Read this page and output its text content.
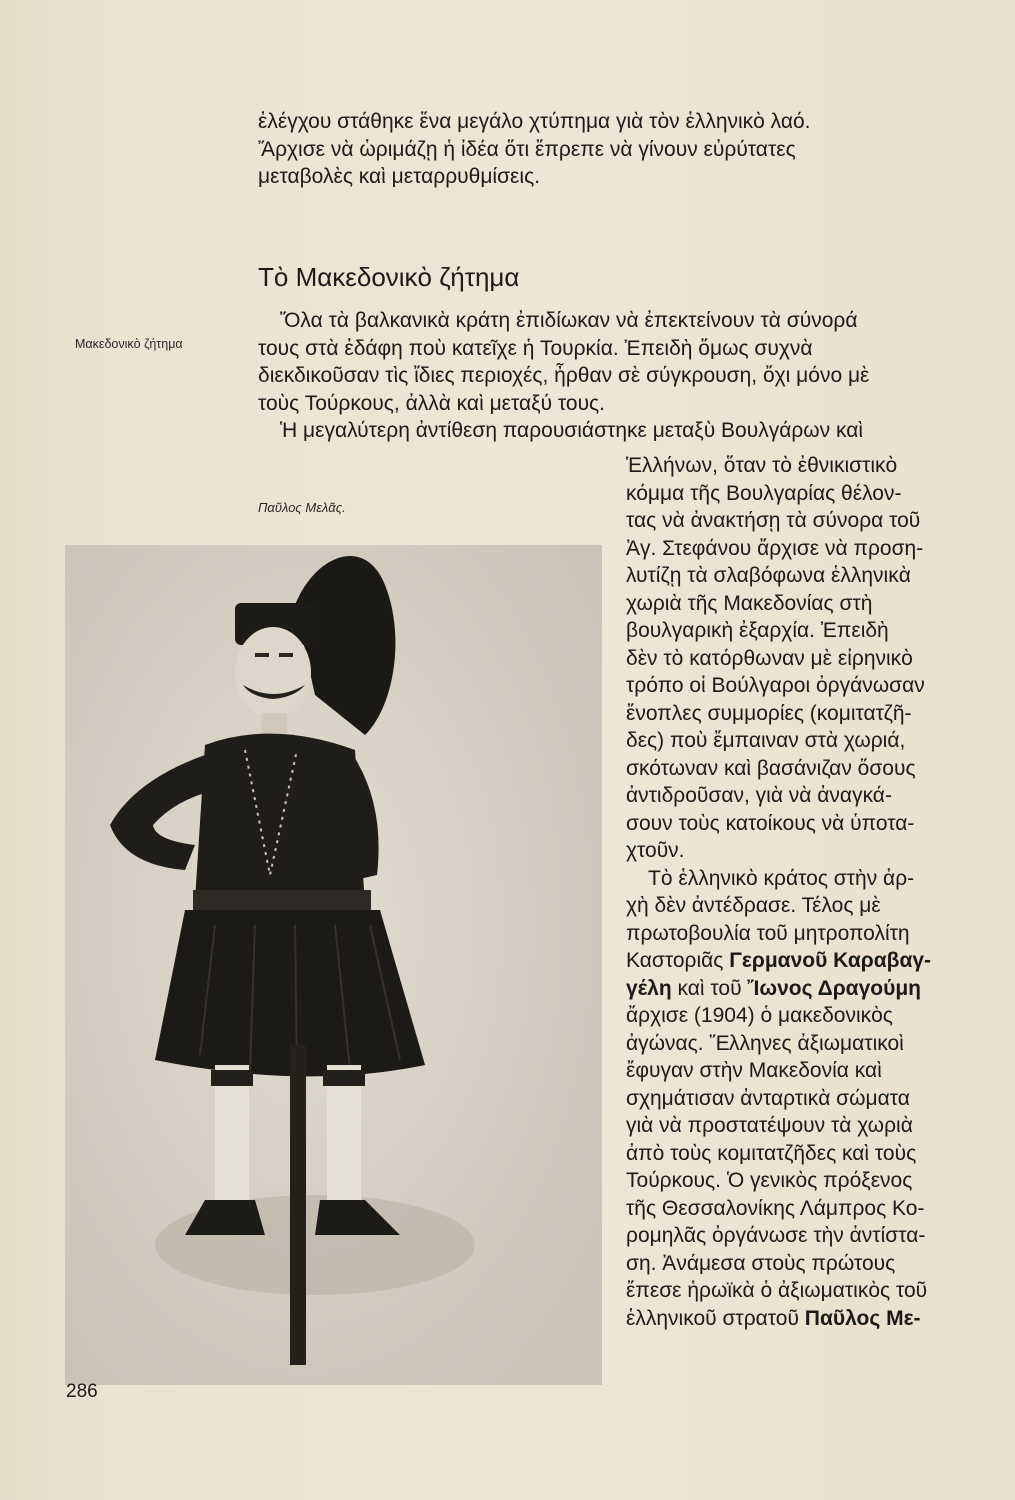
·········
ἐλέγχου στάθηκε ἕνα μεγάλο χτύπημα γιὰ τὸν ἑλληνικὸ λαό.
Ἄρχισε νὰ ὡριμάζῃ ἡ ἰδέα ὅτι ἔπρεπε νὰ γίνουν εὐρύτατες
μεταβολὲς καὶ μεταρρυθμίσεις.
Τὸ Μακεδονικὸ ζήτημα
Μακεδονικὸ ζήτημα
Ὅλα τὰ βαλκανικὰ κράτη ἐπιδίωκαν νὰ ἐπεκτείνουν τὰ σύνορά
τους στὰ ἐδάφη ποὺ κατεῖχε ἡ Τουρκία. Ἐπειδὴ ὅμως συχνὰ
διεκδικοῦσαν τὶς ἴδιες περιοχές, ἦρθαν σὲ σύγκρουση, ὄχι μόνο μὲ
τοὺς Τούρκους, ἀλλὰ καὶ μεταξύ τους.
Ἡ μεγαλύτερη ἀντίθεση παρουσιάστηκε μεταξὺ Βουλγάρων καὶ
Παῦλος Μελᾶς.
Ἑλλήνων, ὅταν τὸ ἐθνικιστικὸ
κόμμα τῆς Βουλγαρίας θέλον-
τας νὰ ἀνακτήσῃ τὰ σύνορα τοῦ
Ἁγ. Στεφάνου ἄρχισε νὰ προση-
λυτίζῃ τὰ σλαβόφωνα ἑλληνικὰ
χωριὰ τῆς Μακεδονίας στὴ
βουλγαρικὴ ἐξαρχία. Ἐπειδὴ
δὲν τὸ κατόρθωναν μὲ εἰρηνικὸ
τρόπο οἱ Βούλγαροι ὀργάνωσαν
ἔνοπλες συμμορίες (κομιτατζῆ-
δες) ποὺ ἔμπαιναν στὰ χωριά,
σκότωναν καὶ βασάνιζαν ὅσους
ἀντιδροῦσαν, γιὰ νὰ ἀναγκά-
σουν τοὺς κατοίκους νὰ ὑποτα-
χτοῦν.
Τὸ ἑλληνικὸ κράτος στὴν ἀρ-
χὴ δὲν ἀντέδρασε. Τέλος μὲ
πρωτοβουλία τοῦ μητροπολίτη
Καστοριᾶς Γερμανοῦ Καραβαγ-
γέλη καὶ τοῦ Ἴωνος Δραγούμη
ἄρχισε (1904) ὁ μακεδονικὸς
ἀγώνας. Ἕλληνες ἀξιωματικοὶ
ἔφυγαν στὴν Μακεδονία καὶ
σχημάτισαν ἀνταρτικὰ σώματα
γιὰ νὰ προστατέψουν τὰ χωριὰ
ἀπὸ τοὺς κομιτατζῆδες καὶ τοὺς
Τούρκους. Ὁ γενικὸς πρόξενος
τῆς Θεσσαλονίκης Λάμπρος Κο-
ρομηλᾶς ὀργάνωσε τὴν ἀντίστα-
ση. Ἀνάμεσα στοὺς πρώτους
ἔπεσε ἡρωϊκὰ ὁ ἀξιωματικὸς τοῦ
ἑλληνικοῦ στρατοῦ Παῦλος Με-
286
